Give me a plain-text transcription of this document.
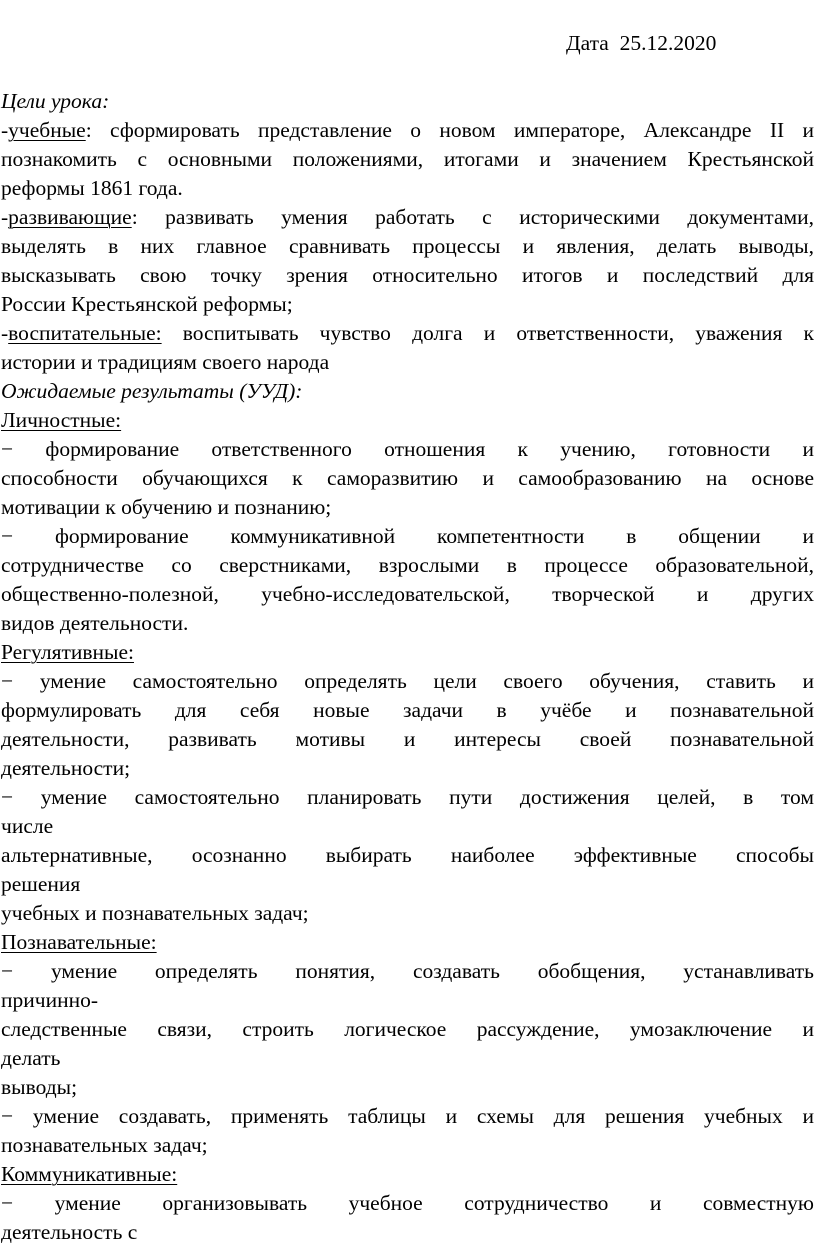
Дата 25.12.2020
Цели урока:
-учебные: сформировать представление о новом императоре, Александре II и
познакомить с основными положениями, итогами и значением Крестьянской
реформы 1861 года.
-развивающие: развивать умения работать с историческими документами,
выделять в них главное сравнивать процессы и явления, делать выводы,
высказывать свою точку зрения относительно итогов и последствий для
России Крестьянской реформы;
-воспитательные: воспитывать чувство долга и ответственности, уважения к
истории и традициям своего народа
Ожидаемые результаты (УУД):
Личностные:
− формирование ответственного отношения к учению, готовности и
способности обучающихся к саморазвитию и самообразованию на основе
мотивации к обучению и познанию;
− формирование коммуникативной компетентности в общении и
сотрудничестве со сверстниками, взрослыми в процессе образовательной,
общественно-полезной, учебно-исследовательской, творческой и других
видов деятельности.
Регулятивные:
− умение самостоятельно определять цели своего обучения, ставить и
формулировать для себя новые задачи в учёбе и познавательной
деятельности, развивать мотивы и интересы своей познавательной
деятельности;
− умение самостоятельно планировать пути достижения целей, в том
числе
альтернативные, осознанно выбирать наиболее эффективные способы
решения
учебных и познавательных задач;
Познавательные:
− умение определять понятия, создавать обобщения, устанавливать
причинно-
следственные связи, строить логическое рассуждение, умозаключение и
делать
выводы;
− умение создавать, применять таблицы и схемы для решения учебных и
познавательных задач;
Коммуникативные:
− умение организовывать учебное сотрудничество и совместную
деятельность с
